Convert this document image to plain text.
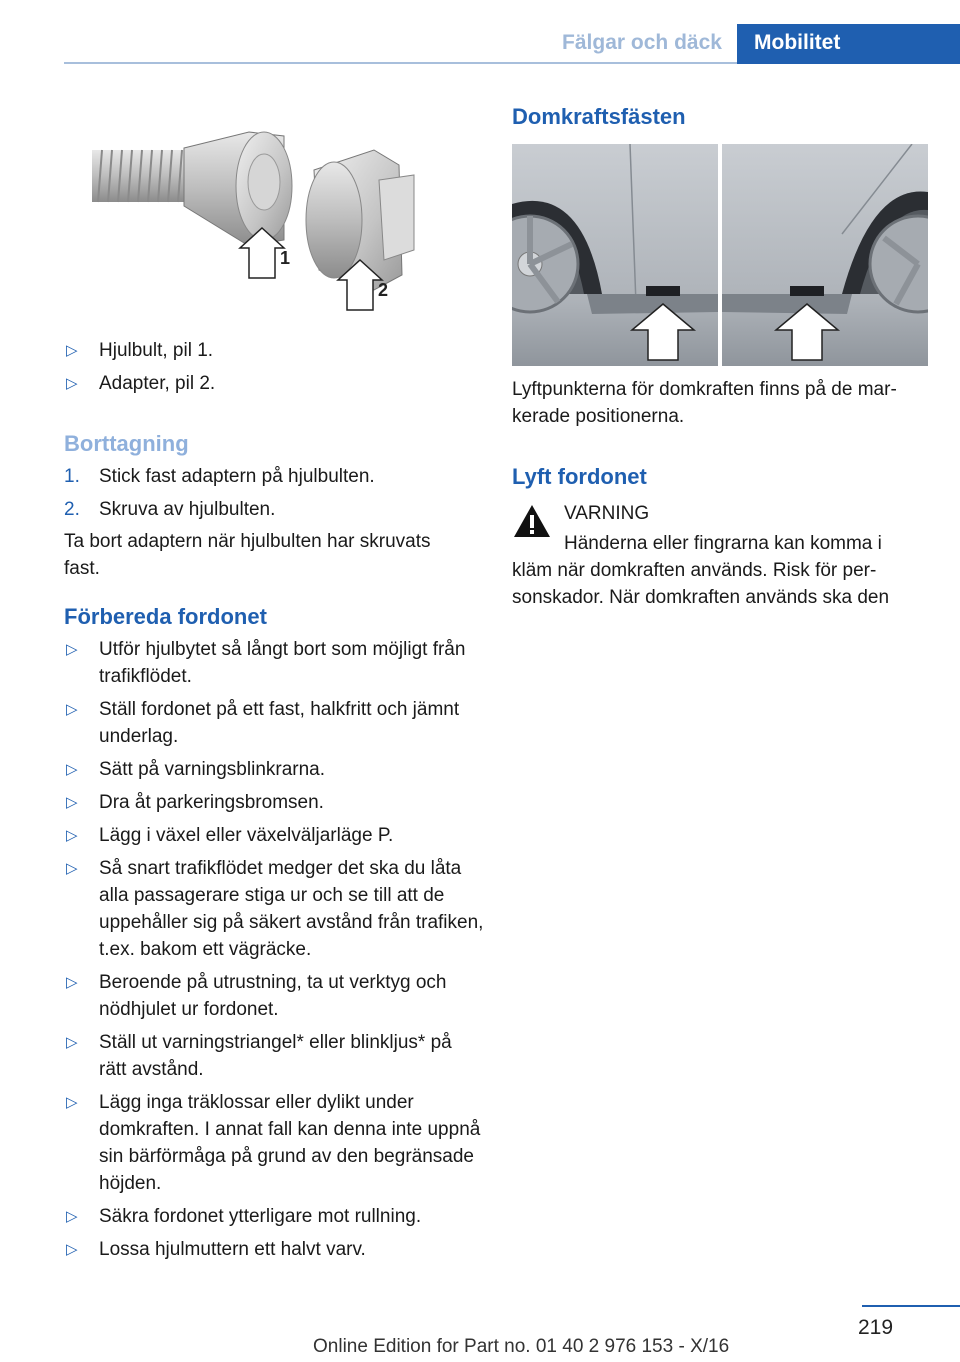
Fälgar och däck	Mobilitet
1
2
▷ Hjulbult, pil 1.
▷ Adapter, pil 2.
Borttagning
1. Stick fast adaptern på hjulbulten.
2. Skruva av hjulbulten.

Ta bort adaptern när hjulbulten har skruvats fast.

Förbereda fordonet
▷ Utför hjulbytet så långt bort som möjligt från trafikflödet.
▷ Ställ fordonet på ett fast, halkfritt och jämnt underlag.
▷ Sätt på varningsblinkrarna.
▷ Dra åt parkeringsbromsen.
▷ Lägg i växel eller växelväljarläge P.
▷ Så snart trafikflödet medger det ska du låta alla passagerare stiga ur och se till att de uppehåller sig på säkert avstånd från trafiken, t.ex. bakom ett vägräcke.
▷ Beroende på utrustning, ta ut verktyg och nödhjulet ur fordonet.
▷ Ställ ut varningstriangel* eller blinkljus* på rätt avstånd.
▷ Lägg inga träklossar eller dylikt under domkraften. I annat fall kan denna inte uppnå sin bärförmåga på grund av den begränsade höjden.
▷ Säkra fordonet ytterligare mot rullning.
▷ Lossa hjulmuttern ett halvt varv.
Domkraftsfästen

Lyftpunkterna för domkraften finns på de markerade positionerna.

Lyft fordonet
VARNING

Händerna eller fingrarna kan komma i kläm när domkraften används. Risk för personskador. När domkraften används ska den

219
Online Edition for Part no. 01 40 2 976 153 - X/16
